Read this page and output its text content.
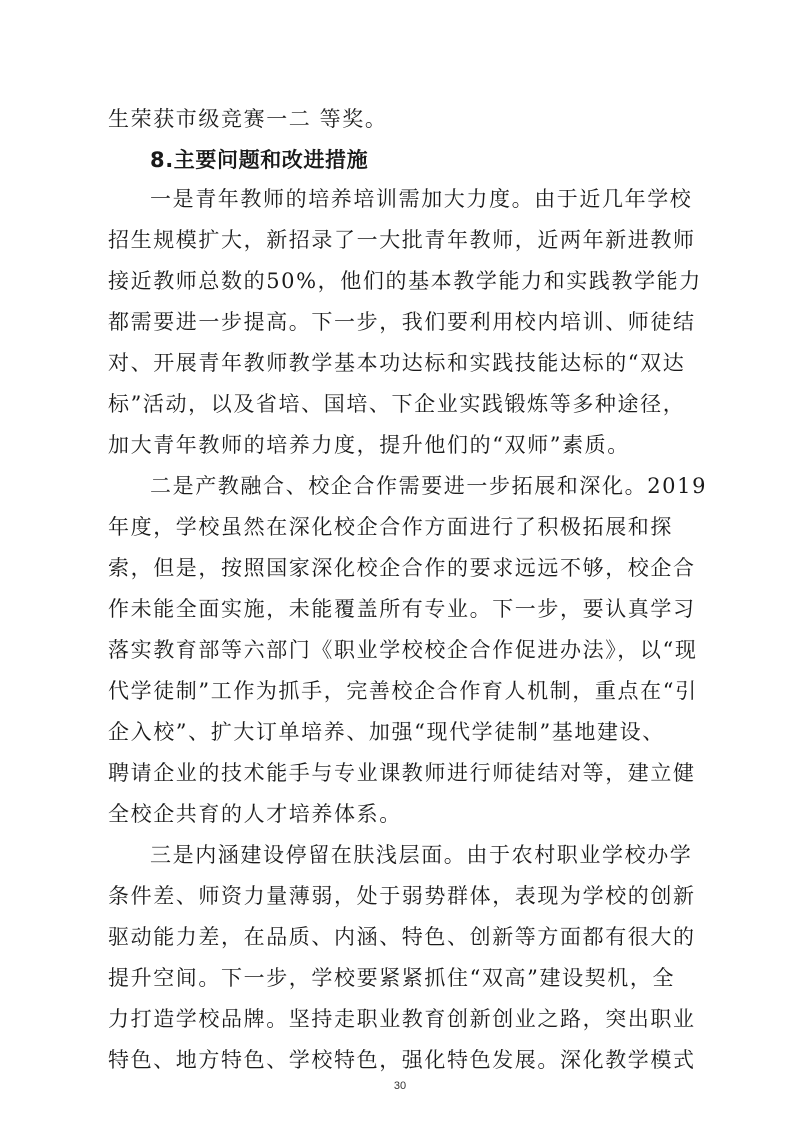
生荣获市级竞赛一二 等奖。
8.主要问题和改进措施
一是青年教师的培养培训需加大力度。由于近几年学校
招生规模扩大，新招录了一大批青年教师，近两年新进教师
接近教师总数的50%，他们的基本教学能力和实践教学能力
都需要进一步提高。下一步，我们要利用校内培训、师徒结
对、开展青年教师教学基本功达标和实践技能达标的“双达
标”活动，以及省培、国培、下企业实践锻炼等多种途径，
加大青年教师的培养力度，提升他们的“双师”素质。
二是产教融合、校企合作需要进一步拓展和深化。2019
年度，学校虽然在深化校企合作方面进行了积极拓展和探
索，但是，按照国家深化校企合作的要求远远不够，校企合
作未能全面实施，未能覆盖所有专业。下一步，要认真学习
落实教育部等六部门《职业学校校企合作促进办法》，以“现
代学徒制”工作为抓手，完善校企合作育人机制，重点在“引
企入校”、扩大订单培养、加强“现代学徒制”基地建设、
聘请企业的技术能手与专业课教师进行师徒结对等，建立健
全校企共育的人才培养体系。
三是内涵建设停留在肤浅层面。由于农村职业学校办学
条件差、师资力量薄弱，处于弱势群体，表现为学校的创新
驱动能力差，在品质、内涵、特色、创新等方面都有很大的
提升空间。下一步，学校要紧紧抓住“双高”建设契机，全
力打造学校品牌。坚持走职业教育创新创业之路，突出职业
特色、地方特色、学校特色，强化特色发展。深化教学模式
30
